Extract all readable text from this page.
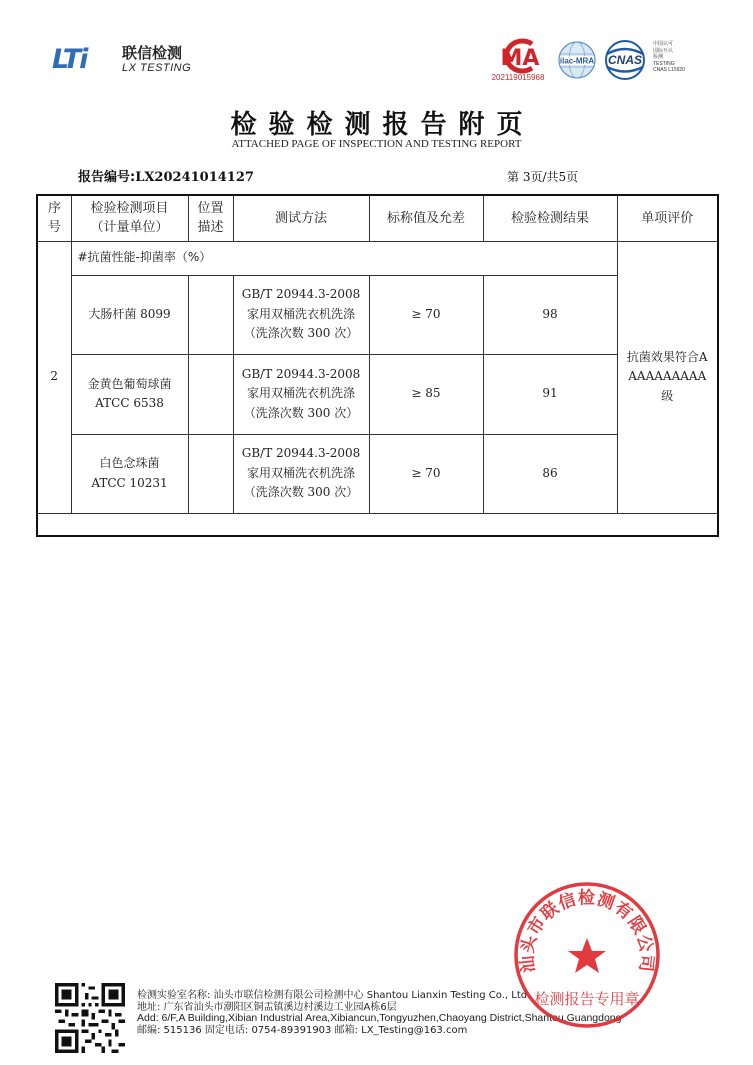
LTi 联信检测
LX TESTING	MA
202119015968
ilac-MRA CNAS
中国认可
国际互认
检测
TESTING
CNAS L15920
检验检测报告附页
ATTACHED PAGE OF INSPECTION AND TESTING REPORT
报告编号:LX20241014127	第 3页/共5页
序号	检验检测项目（计量单位）	位置描述	测试方法	标称值及允差	检验检测结果	单项评价
2	#抗菌性能-抑菌率（%）					抗菌效果符合AAAAAAAAAA级
	大肠杆菌 8099		GB/T 20944.3-2008 家用双桶洗衣机洗涤（洗涤次数 300 次）	≥ 70	98	
	金黄色葡萄球菌ATCC 6538		GB/T 20944.3-2008 家用双桶洗衣机洗涤（洗涤次数 300 次）	≥ 85	91	
	白色念珠菌ATCC 10231		GB/T 20944.3-2008 家用双桶洗衣机洗涤（洗涤次数 300 次）	≥ 70	86	

检测实验室名称: 汕头市联信检测有限公司检测中心 Shantou Lianxin Testing Co., Ltd.
地址: 广东省汕头市潮阳区铜盂镇溪边村溪边工业园A栋6层
Add: 6/F,A Building,Xibian Industrial Area,Xibiancun,Tongyuzhen,Chaoyang District,Shantou,Guangdong
邮编: 515136 固定电话: 0754-89391903 邮箱: LX_Testing@163.com
汕头市联信检测有限公司
检测报告专用章
